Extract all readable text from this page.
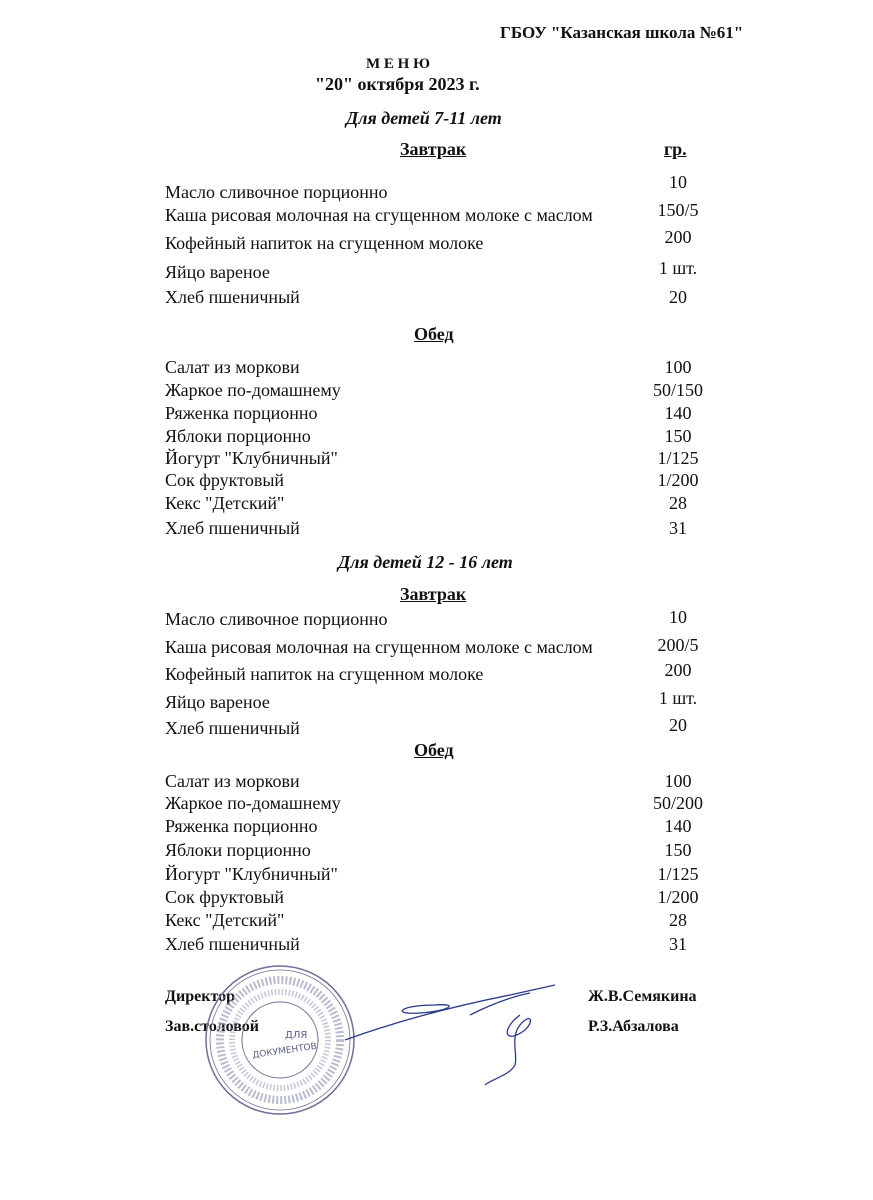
ГБОУ "Казанская школа №61"
М Е Н Ю
"20" октября 2023 г.
гр.
Для детей 7-11 лет
Завтрак
Масло сливочное порционно	10
Каша рисовая молочная на сгущенном молоке с маслом	150/5
Кофейный напиток на сгущенном молоке	200
Яйцо вареное	1 шт.
Хлеб пшеничный	20
Обед
Салат из моркови	100
Жаркое по-домашнему	50/150
Ряженка порционно	140
Яблоки порционно	150
Йогурт "Клубничный"	1/125
Сок фруктовый	1/200
Кекс "Детский"	28
Хлеб пшеничный	31
Для детей 12 - 16 лет
Завтрак
Масло сливочное порционно	10
Каша рисовая молочная на сгущенном молоке с маслом	200/5
Кофейный напиток на сгущенном молоке	200
Яйцо вареное	1 шт.
Хлеб пшеничный	20
Обед
Салат из моркови	100
Жаркое по-домашнему	50/200
Ряженка порционно	140
Яблоки порционно	150
Йогурт "Клубничный"	1/125
Сок фруктовый	1/200
Кекс "Детский"	28
Хлеб пшеничный	31
Директор	Ж.В.Семякина
Зав.столовой	Р.З.Абзалова
ДЛЯ
ДОКУМЕНТОВ
